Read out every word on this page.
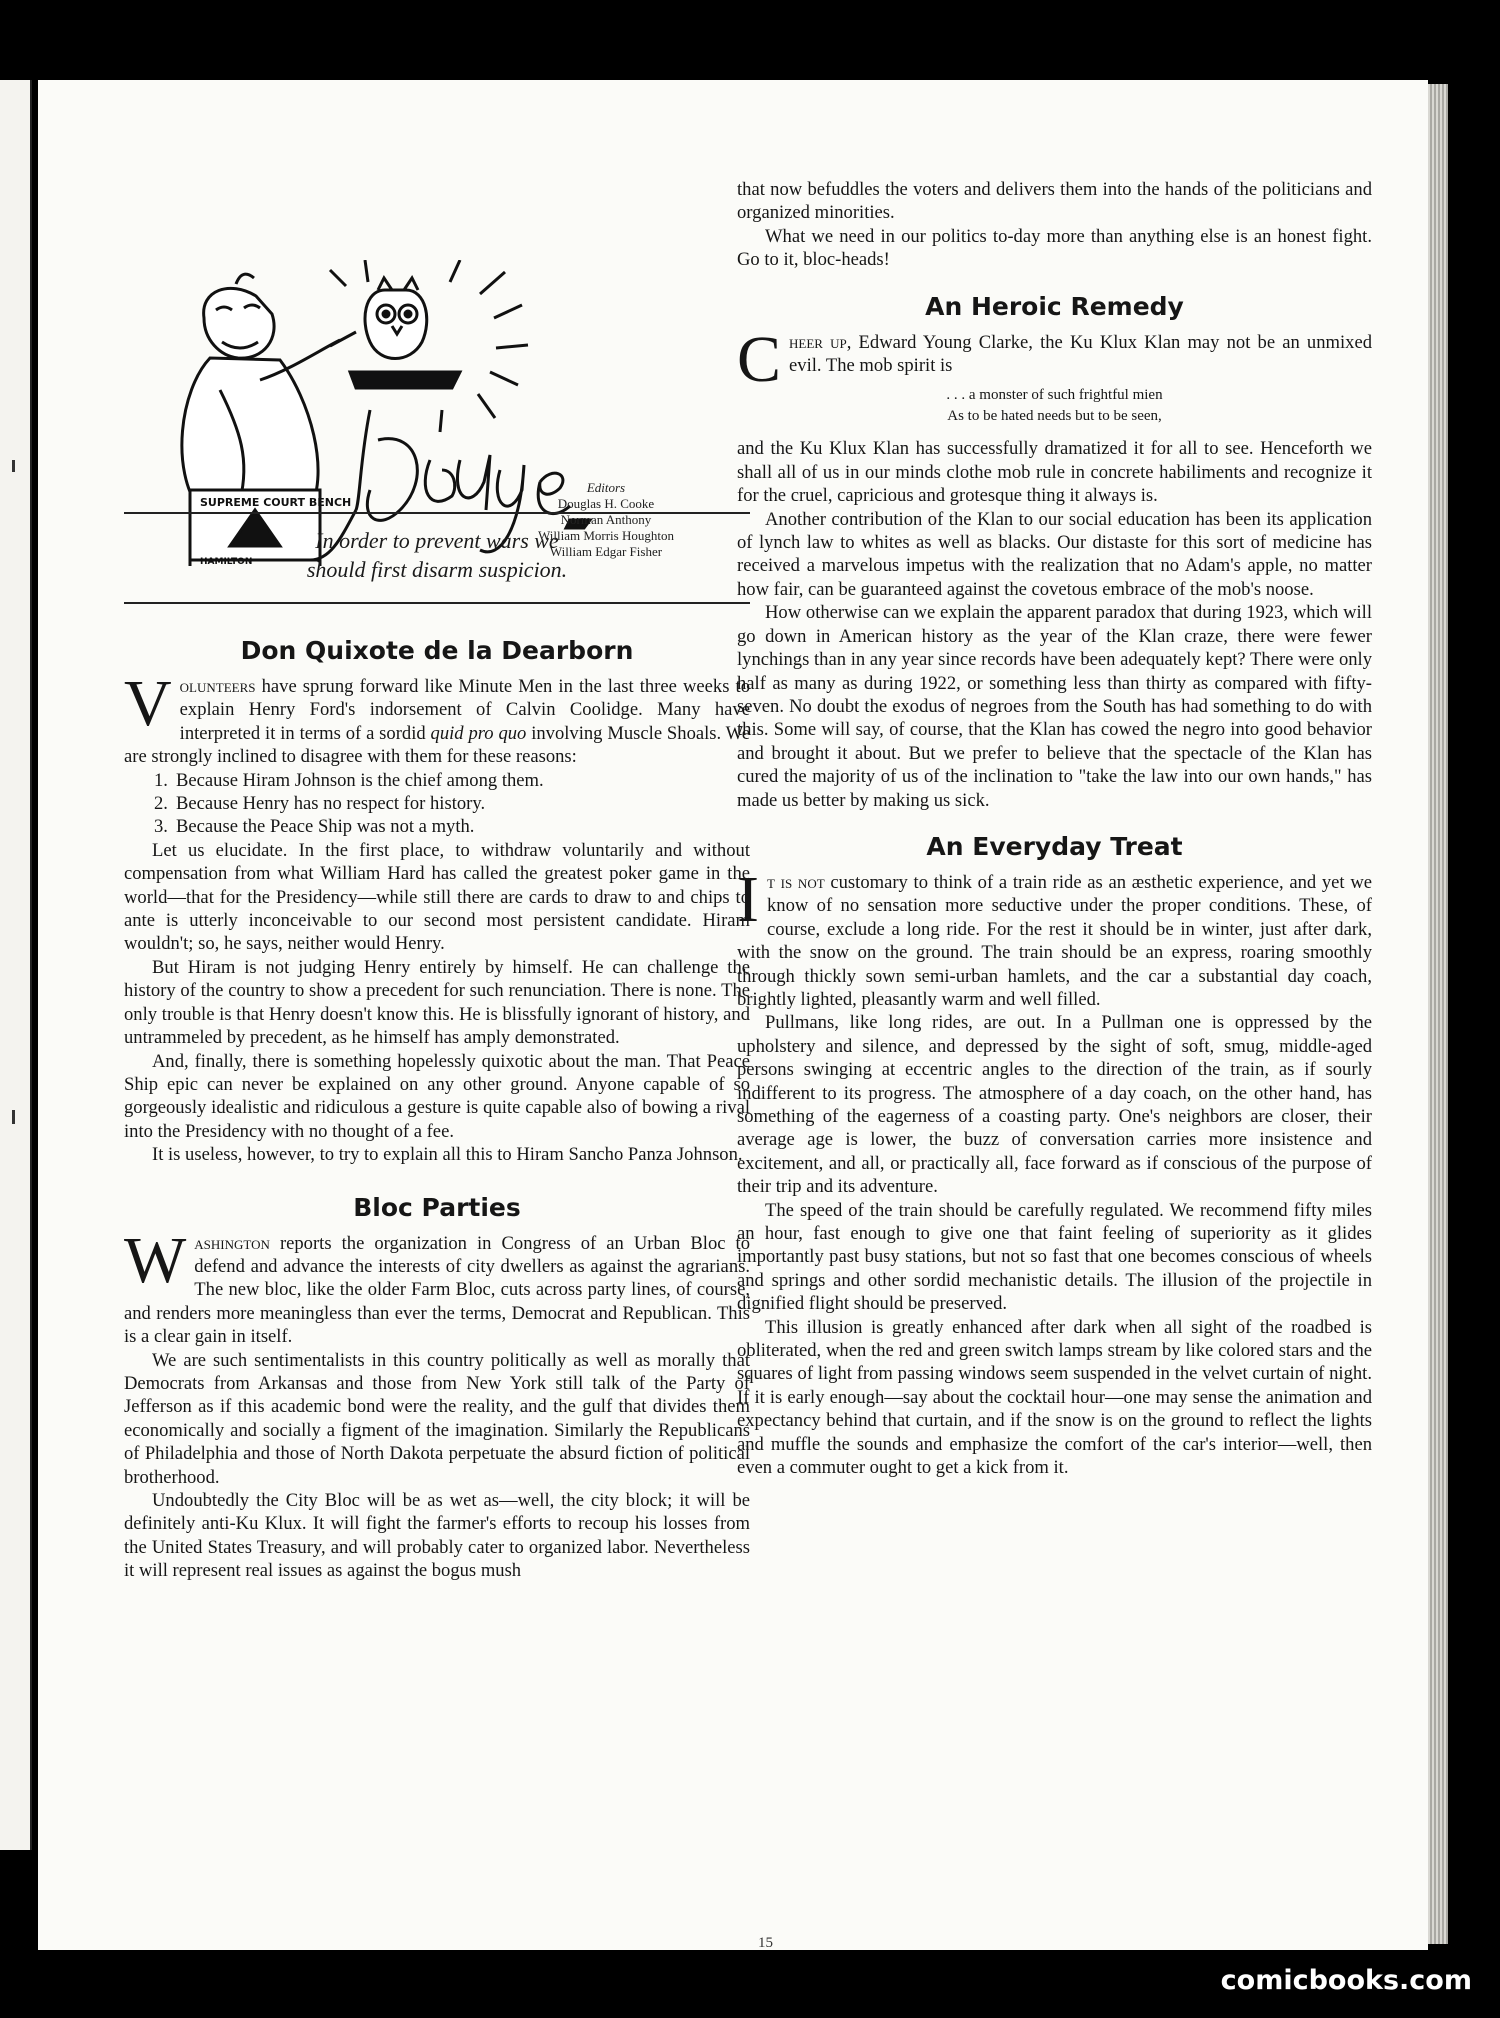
SUPREME COURT BENCH
HAMILTON
Editors
Douglas H. Cooke
Norman Anthony
William Morris Houghton
William Edgar Fisher
In order to prevent wars we
should first disarm suspicion.
Don Quixote de la Dearborn

Volunteers have sprung forward like Minute Men in the last three weeks to explain Henry Ford's indorsement of Calvin Coolidge. Many have interpreted it in terms of a sordid quid pro quo involving Muscle Shoals. We are strongly inclined to disagree with them for these reasons:

1. Because Hiram Johnson is the chief among them.
2. Because Henry has no respect for history.
3. Because the Peace Ship was not a myth.

Let us elucidate. In the first place, to withdraw voluntarily and without compensation from what William Hard has called the greatest poker game in the world—that for the Presidency—while still there are cards to draw to and chips to ante is utterly inconceivable to our second most persistent candidate. Hiram wouldn't; so, he says, neither would Henry.

But Hiram is not judging Henry entirely by himself. He can challenge the history of the country to show a precedent for such renunciation. There is none. The only trouble is that Henry doesn't know this. He is blissfully ignorant of history, and untrammeled by precedent, as he himself has amply demonstrated.

And, finally, there is something hopelessly quixotic about the man. That Peace Ship epic can never be explained on any other ground. Anyone capable of so gorgeously idealistic and ridiculous a gesture is quite capable also of bowing a rival into the Presidency with no thought of a fee.

It is useless, however, to try to explain all this to Hiram Sancho Panza Johnson.

Bloc Parties

Washington reports the organization in Congress of an Urban Bloc to defend and advance the interests of city dwellers as against the agrarians. The new bloc, like the older Farm Bloc, cuts across party lines, of course, and renders more meaningless than ever the terms, Democrat and Republican. This is a clear gain in itself.

We are such sentimentalists in this country politically as well as morally that Democrats from Arkansas and those from New York still talk of the Party of Jefferson as if this academic bond were the reality, and the gulf that divides them economically and socially a figment of the imagination. Similarly the Republicans of Philadelphia and those of North Dakota perpetuate the absurd fiction of political brotherhood.

Undoubtedly the City Bloc will be as wet as—well, the city block; it will be definitely anti-Ku Klux. It will fight the farmer's efforts to recoup his losses from the United States Treasury, and will probably cater to organized labor. Nevertheless it will represent real issues as against the bogus mush

that now befuddles the voters and delivers them into the hands of the politicians and organized minorities.

What we need in our politics to-day more than anything else is an honest fight. Go to it, bloc-heads!

An Heroic Remedy

Cheer up, Edward Young Clarke, the Ku Klux Klan may not be an unmixed evil. The mob spirit is

. . . a monster of such frightful mien
As to be hated needs but to be seen,

and the Ku Klux Klan has successfully dramatized it for all to see. Henceforth we shall all of us in our minds clothe mob rule in concrete habiliments and recognize it for the cruel, capricious and grotesque thing it always is.

Another contribution of the Klan to our social education has been its application of lynch law to whites as well as blacks. Our distaste for this sort of medicine has received a marvelous impetus with the realization that no Adam's apple, no matter how fair, can be guaranteed against the covetous embrace of the mob's noose.

How otherwise can we explain the apparent paradox that during 1923, which will go down in American history as the year of the Klan craze, there were fewer lynchings than in any year since records have been adequately kept? There were only half as many as during 1922, or something less than thirty as compared with fifty-seven. No doubt the exodus of negroes from the South has had something to do with this. Some will say, of course, that the Klan has cowed the negro into good behavior and brought it about. But we prefer to believe that the spectacle of the Klan has cured the majority of us of the inclination to "take the law into our own hands," has made us better by making us sick.

An Everyday Treat

It is not customary to think of a train ride as an æsthetic experience, and yet we know of no sensation more seductive under the proper conditions. These, of course, exclude a long ride. For the rest it should be in winter, just after dark, with the snow on the ground. The train should be an express, roaring smoothly through thickly sown semi-urban hamlets, and the car a substantial day coach, brightly lighted, pleasantly warm and well filled.

Pullmans, like long rides, are out. In a Pullman one is oppressed by the upholstery and silence, and depressed by the sight of soft, smug, middle-aged persons swinging at eccentric angles to the direction of the train, as if sourly indifferent to its progress. The atmosphere of a day coach, on the other hand, has something of the eagerness of a coasting party. One's neighbors are closer, their average age is lower, the buzz of conversation carries more insistence and excitement, and all, or practically all, face forward as if conscious of the purpose of their trip and its adventure.

The speed of the train should be carefully regulated. We recommend fifty miles an hour, fast enough to give one that faint feeling of superiority as it glides importantly past busy stations, but not so fast that one becomes conscious of wheels and springs and other sordid mechanistic details. The illusion of the projectile in dignified flight should be preserved.

This illusion is greatly enhanced after dark when all sight of the roadbed is obliterated, when the red and green switch lamps stream by like colored stars and the squares of light from passing windows seem suspended in the velvet curtain of night. If it is early enough—say about the cocktail hour—one may sense the animation and expectancy behind that curtain, and if the snow is on the ground to reflect the lights and muffle the sounds and emphasize the comfort of the car's interior—well, then even a commuter ought to get a kick from it.

15
comicbooks.com
